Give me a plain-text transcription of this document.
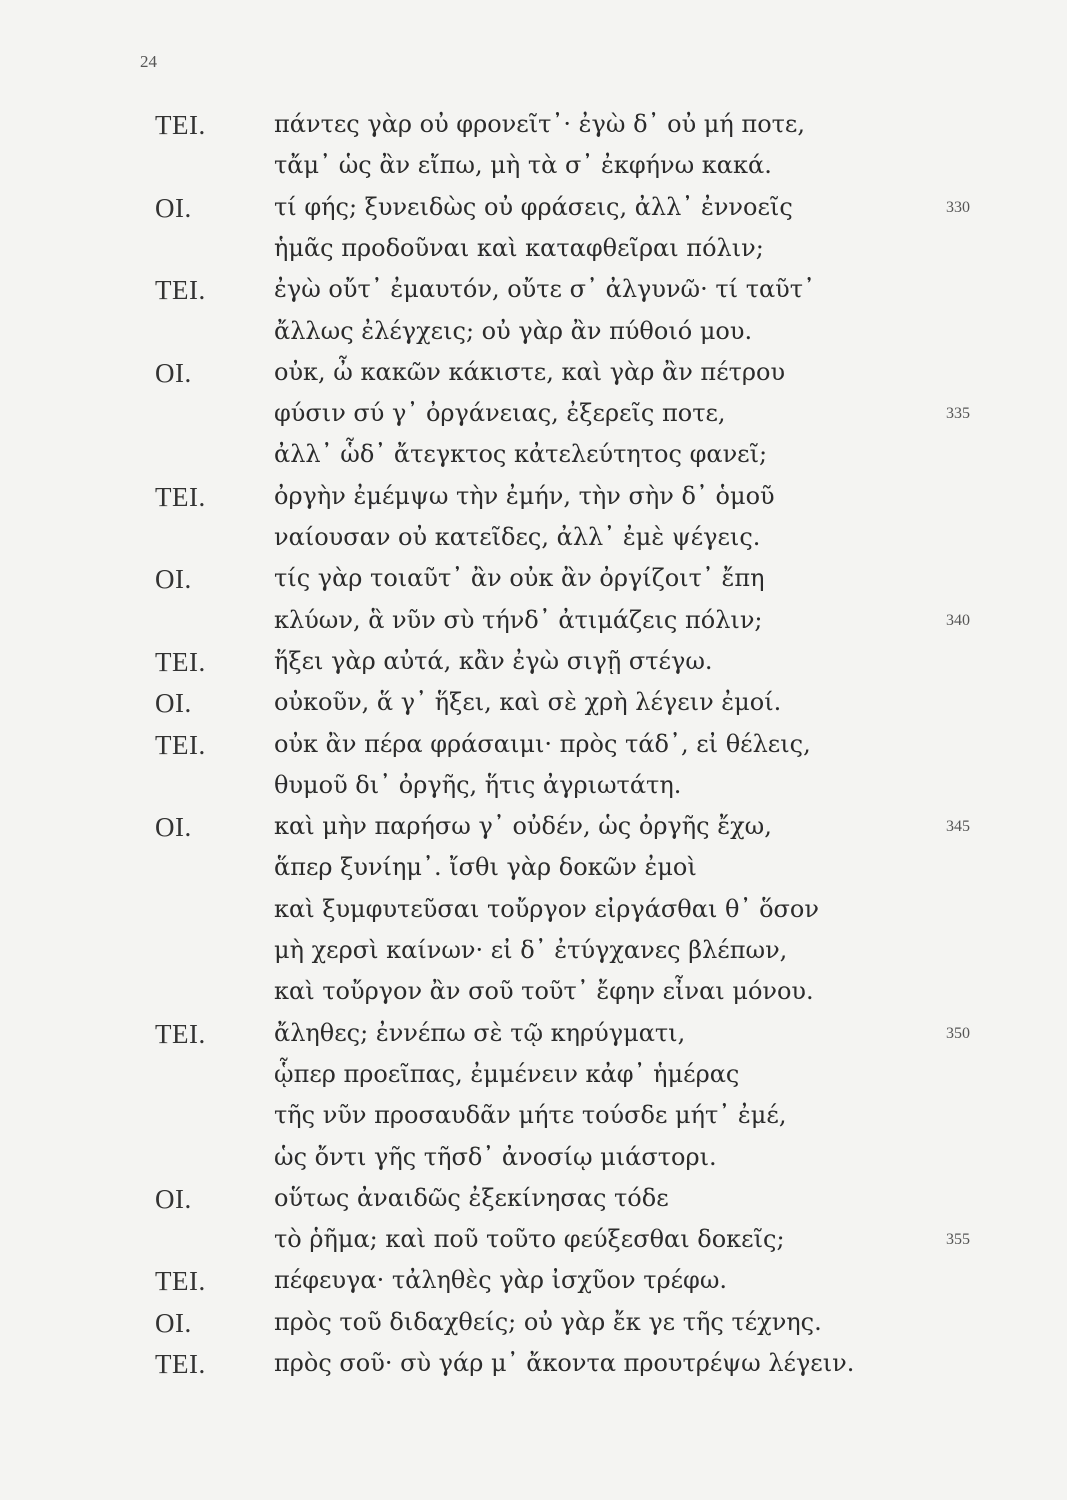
24
ΤΕΙ.	πάντες γὰρ οὐ φρονεῖτ᾽· ἐγὼ δ᾽ οὐ μή ποτε,
τἄμ᾽ ὡς ἂν εἴπω, μὴ τὰ σ᾽ ἐκφήνω κακά.
ΟΙ.	τί φής; ξυνειδὼς οὐ φράσεις, ἀλλ᾽ ἐννοεῖς	330
ἡμᾶς προδοῦναι καὶ καταφθεῖραι πόλιν;
ΤΕΙ.	ἐγὼ οὔτ᾽ ἐμαυτόν, οὔτε σ᾽ ἀλγυνῶ· τί ταῦτ᾽
ἄλλως ἐλέγχεις; οὐ γὰρ ἂν πύθοιό μου.
ΟΙ.	οὐκ, ὦ κακῶν κάκιστε, καὶ γὰρ ἂν πέτρου
φύσιν σύ γ᾽ ὀργάνειας, ἐξερεῖς ποτε,	335
ἀλλ᾽ ὧδ᾽ ἄτεγκτος κἀτελεύτητος φανεῖ;
ΤΕΙ.	ὀργὴν ἐμέμψω τὴν ἐμήν, τὴν σὴν δ᾽ ὁμοῦ
ναίουσαν οὐ κατεῖδες, ἀλλ᾽ ἐμὲ ψέγεις.
ΟΙ.	τίς γὰρ τοιαῦτ᾽ ἂν οὐκ ἂν ὀργίζοιτ᾽ ἔπη
κλύων, ἃ νῦν σὺ τήνδ᾽ ἀτιμάζεις πόλιν;	340
ΤΕΙ.	ἥξει γὰρ αὐτά, κἂν ἐγὼ σιγῇ στέγω.
ΟΙ.	οὐκοῦν, ἅ γ᾽ ἥξει, καὶ σὲ χρὴ λέγειν ἐμοί.
ΤΕΙ.	οὐκ ἂν πέρα φράσαιμι· πρὸς τάδ᾽, εἰ θέλεις,
θυμοῦ δι᾽ ὀργῆς, ἥτις ἀγριωτάτη.
ΟΙ.	καὶ μὴν παρήσω γ᾽ οὐδέν, ὡς ὀργῆς ἔχω,	345
ἅπερ ξυνίημ᾽. ἴσθι γὰρ δοκῶν ἐμοὶ
καὶ ξυμφυτεῦσαι τοὔργον εἰργάσθαι θ᾽ ὅσον
μὴ χερσὶ καίνων· εἰ δ᾽ ἐτύγχανες βλέπων,
καὶ τοὔργον ἂν σοῦ τοῦτ᾽ ἔφην εἶναι μόνου.
ΤΕΙ.	ἄληθες; ἐννέπω σὲ τῷ κηρύγματι,	350
ᾧπερ προεῖπας, ἐμμένειν κἀφ᾽ ἡμέρας
τῆς νῦν προσαυδᾶν μήτε τούσδε μήτ᾽ ἐμέ,
ὡς ὄντι γῆς τῆσδ᾽ ἀνοσίῳ μιάστορι.
ΟΙ.	οὕτως ἀναιδῶς ἐξεκίνησας τόδε
τὸ ῥῆμα; καὶ ποῦ τοῦτο φεύξεσθαι δοκεῖς;	355
ΤΕΙ.	πέφευγα· τἀληθὲς γὰρ ἰσχῦον τρέφω.
ΟΙ.	πρὸς τοῦ διδαχθείς; οὐ γὰρ ἔκ γε τῆς τέχνης.
ΤΕΙ.	πρὸς σοῦ· σὺ γάρ μ᾽ ἄκοντα προυτρέψω λέγειν.
